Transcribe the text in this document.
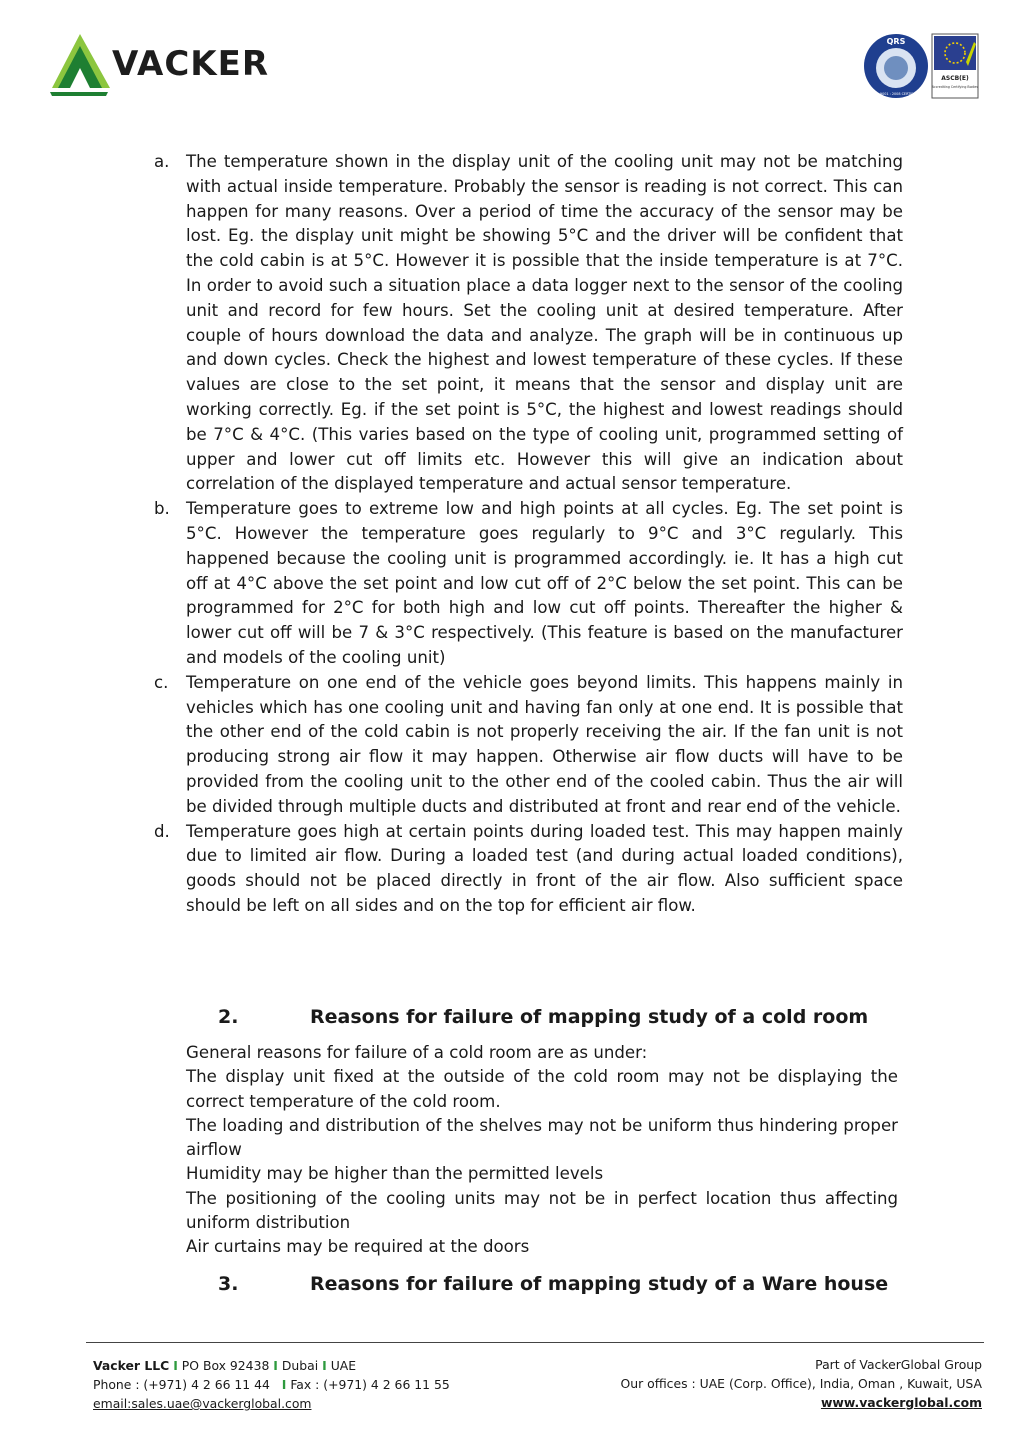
VACKER
QRS
ISO 9001 : 2008 CERTIFIED
ASCB(E)
Accrediting Certifying Bodies
a. The temperature shown in the display unit of the cooling unit may not be matching with actual inside temperature. Probably the sensor is reading is not correct. This can happen for many reasons. Over a period of time the accuracy of the sensor may be lost. Eg. the display unit might be showing 5°C and the driver will be confident that the cold cabin is at 5°C. However it is possible that the inside temperature is at 7°C. In order to avoid such a situation place a data logger next to the sensor of the cooling unit and record for few hours. Set the cooling unit at desired temperature. After couple of hours download the data and analyze. The graph will be in continuous up and down cycles. Check the highest and lowest temperature of these cycles. If these values are close to the set point, it means that the sensor and display unit are working correctly. Eg. if the set point is 5°C, the highest and lowest readings should be 7°C & 4°C. (This varies based on the type of cooling unit, programmed setting of upper and lower cut off limits etc. However this will give an indication about correlation of the displayed temperature and actual sensor temperature.
b. Temperature goes to extreme low and high points at all cycles. Eg. The set point is 5°C. However the temperature goes regularly to 9°C and 3°C regularly. This happened because the cooling unit is programmed accordingly. ie. It has a high cut off at 4°C above the set point and low cut off of 2°C below the set point. This can be programmed for 2°C for both high and low cut off points. Thereafter the higher & lower cut off will be 7 & 3°C respectively. (This feature is based on the manufacturer and models of the cooling unit)
c. Temperature on one end of the vehicle goes beyond limits. This happens mainly in vehicles which has one cooling unit and having fan only at one end. It is possible that the other end of the cold cabin is not properly receiving the air. If the fan unit is not producing strong air flow it may happen. Otherwise air flow ducts will have to be provided from the cooling unit to the other end of the cooled cabin. Thus the air will be divided through multiple ducts and distributed at front and rear end of the vehicle.
d. Temperature goes high at certain points during loaded test. This may happen mainly due to limited air flow. During a loaded test (and during actual loaded conditions), goods should not be placed directly in front of the air flow. Also sufficient space should be left on all sides and on the top for efficient air flow.
2.	Reasons for failure of mapping study of a cold room
General reasons for failure of a cold room are as under:
The display unit fixed at the outside of the cold room may not be displaying the correct temperature of the cold room.
The loading and distribution of the shelves may not be uniform thus hindering proper airflow
Humidity may be higher than the permitted levels
The positioning of the cooling units may not be in perfect location thus affecting uniform distribution
Air curtains may be required at the doors
3.	Reasons for failure of mapping study of a Ware house
Vacker LLC I PO Box 92438 I Dubai I UAE
Phone : (+971) 4 2 66 11 44 I Fax : (+971) 4 2 66 11 55
email:sales.uae@vackerglobal.com
Part of VackerGlobal Group
Our offices : UAE (Corp. Office), India, Oman , Kuwait, USA
www.vackerglobal.com
